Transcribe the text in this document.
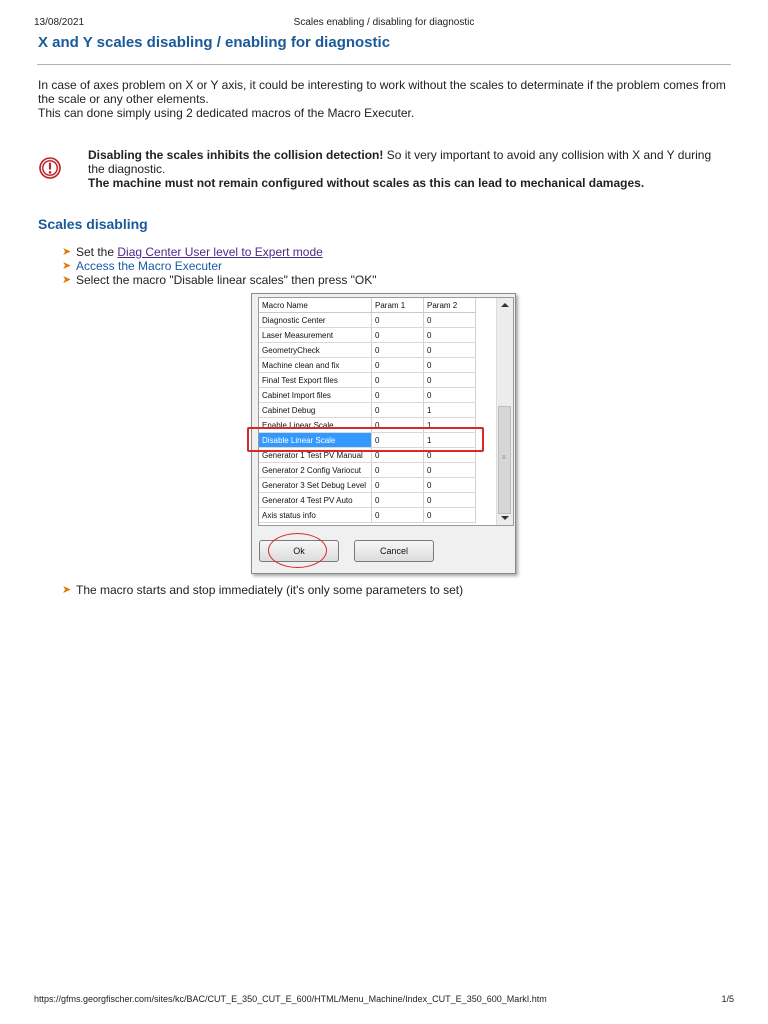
13/08/2021	Scales enabling / disabling for diagnostic
X and Y scales disabling / enabling for diagnostic

In case of axes problem on X or Y axis, it could be interesting to work without the scales to determinate if the problem comes from the scale or any other elements.

This can done simply using 2 dedicated macros of the Macro Executer.

Disabling the scales inhibits the collision detection! So it very important to avoid any collision with X and Y during the diagnostic.

The machine must not remain configured without scales as this can lead to mechanical damages.

Scales disabling
➤ Set the Diag Center User level to Expert mode
➤ Access the Macro Executer
➤ Select the macro "Disable linear scales" then press "OK"
Macro Name	Param 1	Param 2
Diagnostic Center	0	0
Laser Measurement	0	0
GeometryCheck	0	0
Machine clean and fix	0	0
Final Test Export files	0	0
Cabinet Import files	0	0
Cabinet Debug	0	1
Enable Linear Scale	0	1
Disable Linear Scale	0	1
Generator 1 Test PV Manual	0	0
Generator 2 Config Variocut	0	0
Generator 3 Set Debug Level	0	0
Generator 4 Test PV Auto	0	0
Axis status info	0	0
≡
Ok	Cancel
➤ The macro starts and stop immediately (it's only some parameters to set)
https://gfms.georgfischer.com/sites/kc/BAC/CUT_E_350_CUT_E_600/HTML/Menu_Machine/Index_CUT_E_350_600_MarkI.htm	1/5
